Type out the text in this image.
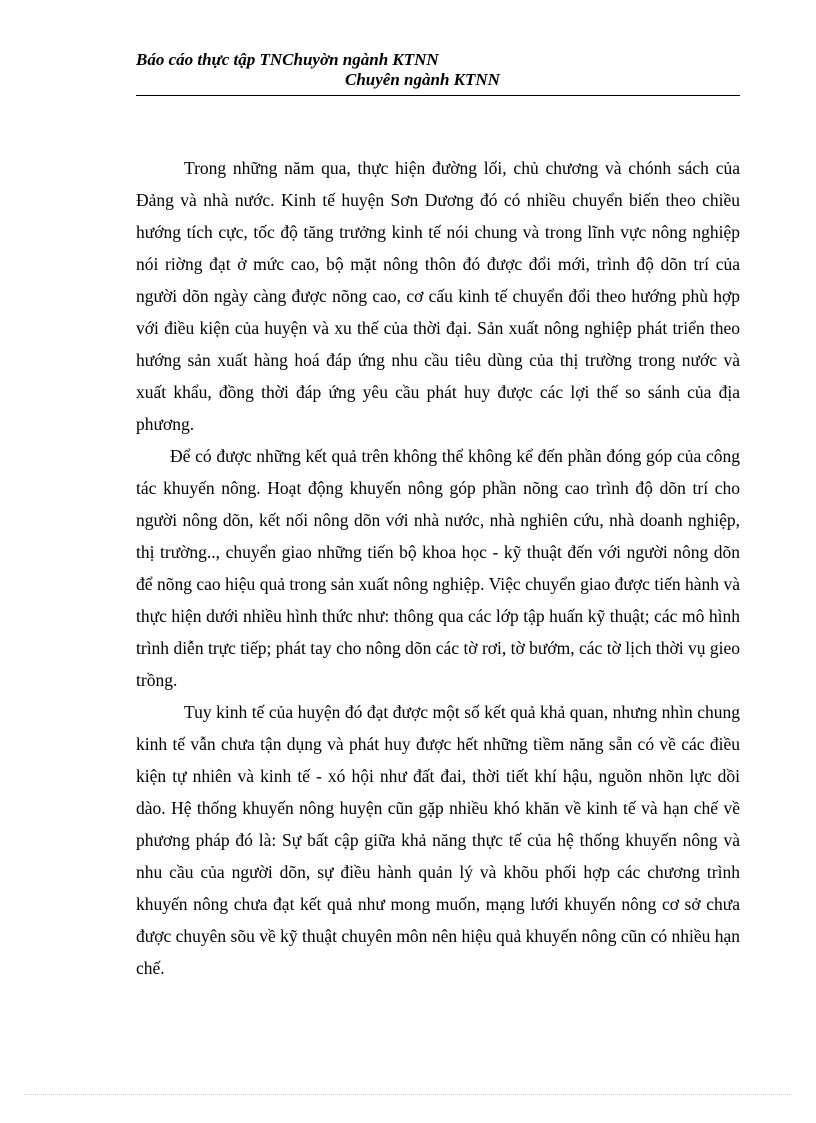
Báo cáo thực tập TNChuyờn ngành KTNN

Chuyên ngành KTNN

Trong những năm qua, thực hiện đường lối, chủ chương và chónh sách của Đảng và nhà nước. Kinh tế huyện Sơn Dương đó có nhiều chuyển biến theo chiều hướng tích cực, tốc độ tăng trưởng kinh tế nói chung và trong lĩnh vực nông nghiệp nói riờng đạt ở mức cao, bộ mặt nông thôn đó được đổi mới, trình độ dõn trí của người dõn ngày càng được nõng cao, cơ cấu kinh tế chuyển đổi theo hướng phù hợp với điều kiện của huyện và xu thế của thời đại. Sản xuất nông nghiệp phát triển theo hướng sản xuất hàng hoá đáp ứng nhu cầu tiêu dùng của thị trường trong nước và xuất khẩu, đồng thời đáp ứng yêu cầu phát huy được các lợi thế so sánh của địa phương.

Để có được những kết quả trên không thể không kể đến phần đóng góp của công tác khuyến nông. Hoạt động khuyến nông góp phần nõng cao trình độ dõn trí cho người nông dõn, kết nối nông dõn với nhà nước, nhà nghiên cứu, nhà doanh nghiệp, thị trường.., chuyển giao những tiến bộ khoa học - kỹ thuật đến với người nông dõn để nõng cao hiệu quả trong sản xuất nông nghiệp. Việc chuyển giao được tiến hành và thực hiện dưới nhiều hình thức như: thông qua các lớp tập huấn kỹ thuật; các mô hình trình diễn trực tiếp; phát tay cho nông dõn các tờ rơi, tờ bướm, các tờ lịch thời vụ gieo trồng.

Tuy kinh tế của huyện đó đạt được một số kết quả khả quan, nhưng nhìn chung kinh tế vẫn chưa tận dụng và phát huy được hết những tiềm năng sẵn có về các điều kiện tự nhiên và kinh tế - xó hội như đất đai, thời tiết khí hậu, nguồn nhõn lực dồi dào. Hệ thống khuyến nông huyện cũn gặp nhiều khó khăn về kinh tế và hạn chế về phương pháp đó là: Sự bất cập giữa khả năng thực tế của hệ thống khuyến nông và nhu cầu của người dõn, sự điều hành quản lý và khõu phối hợp các chương trình khuyến nông chưa đạt kết quả như mong muốn, mạng lưới khuyến nông cơ sở chưa được chuyên sõu về kỹ thuật chuyên môn nên hiệu quả khuyến nông cũn có nhiều hạn chế.
